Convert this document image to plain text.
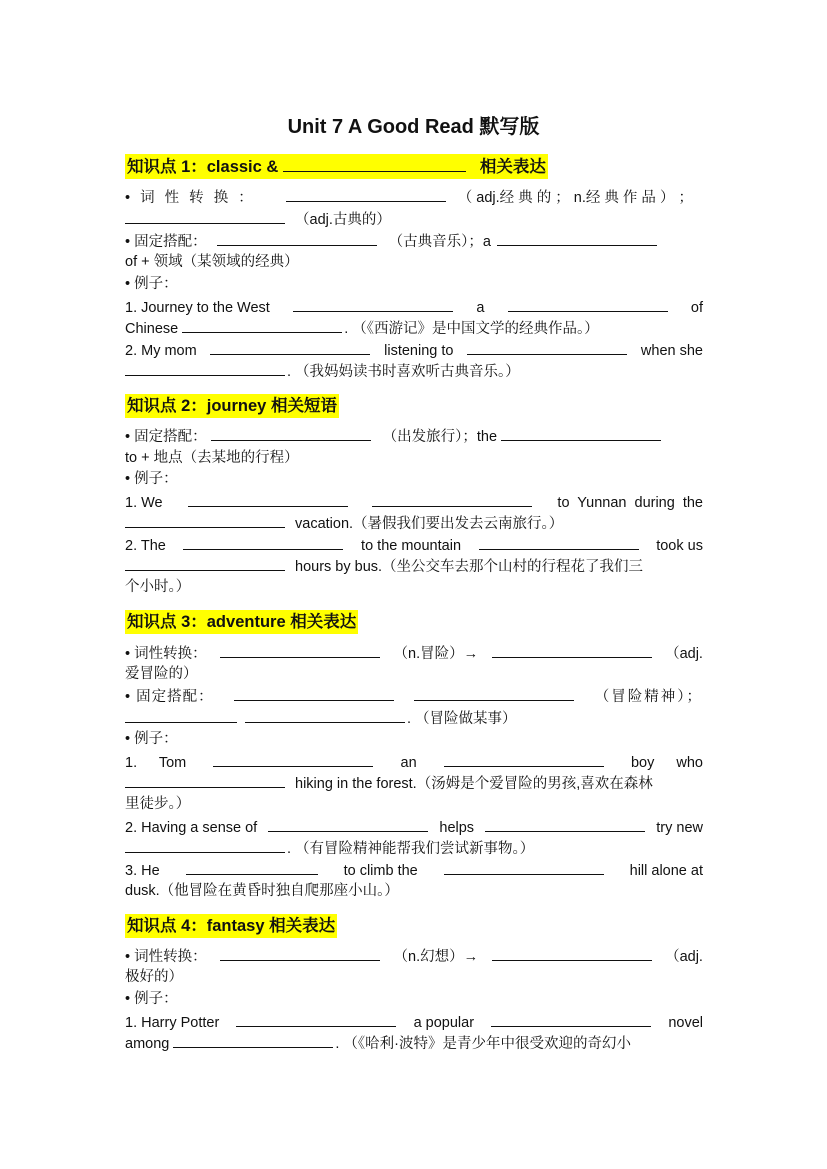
Unit 7 A Good Read 默写版
知识点 1：classic &	相关表达
• 词 性 转 换 ：	（ adj.经 典 的 ； n.经 典 作 品 ） ；
（adj.古典的）
• 固定搭配：	（古典音乐）；a
of + 领域（某领域的经典）
• 例子：
1. Journey to the West	a	of
Chinese	. （《西游记》是中国文学的经典作品。）
2. My mom	listening to	when she
. （我妈妈读书时喜欢听古典音乐。）
知识点 2：journey 相关短语
• 固定搭配：	（出发旅行）；the
to + 地点（去某地的行程）
• 例子：
1. We	to Yunnan during the
vacation.（暑假我们要出发去云南旅行。）
2. The	to the mountain	took us
hours by bus.（坐公交车去那个山村的行程花了我们三
个小时。）
知识点 3：adventure 相关表达
• 词性转换：	（n.冒险）→	（adj.
爱冒险的）
• 固定搭配：	（冒险精神）；
. （冒险做某事）
• 例子：
1. Tom	an	boy who
hiking in the forest.（汤姆是个爱冒险的男孩,喜欢在森林
里徒步。）
2. Having a sense of	helps	try new
. （有冒险精神能帮我们尝试新事物。）
3. He	to climb the	hill alone at
dusk.（他冒险在黄昏时独自爬那座小山。）
知识点 4：fantasy 相关表达
• 词性转换：	（n.幻想）→	（adj.
极好的）
• 例子：
1. Harry Potter	a popular	novel
among	. （《哈利·波特》是青少年中很受欢迎的奇幻小
